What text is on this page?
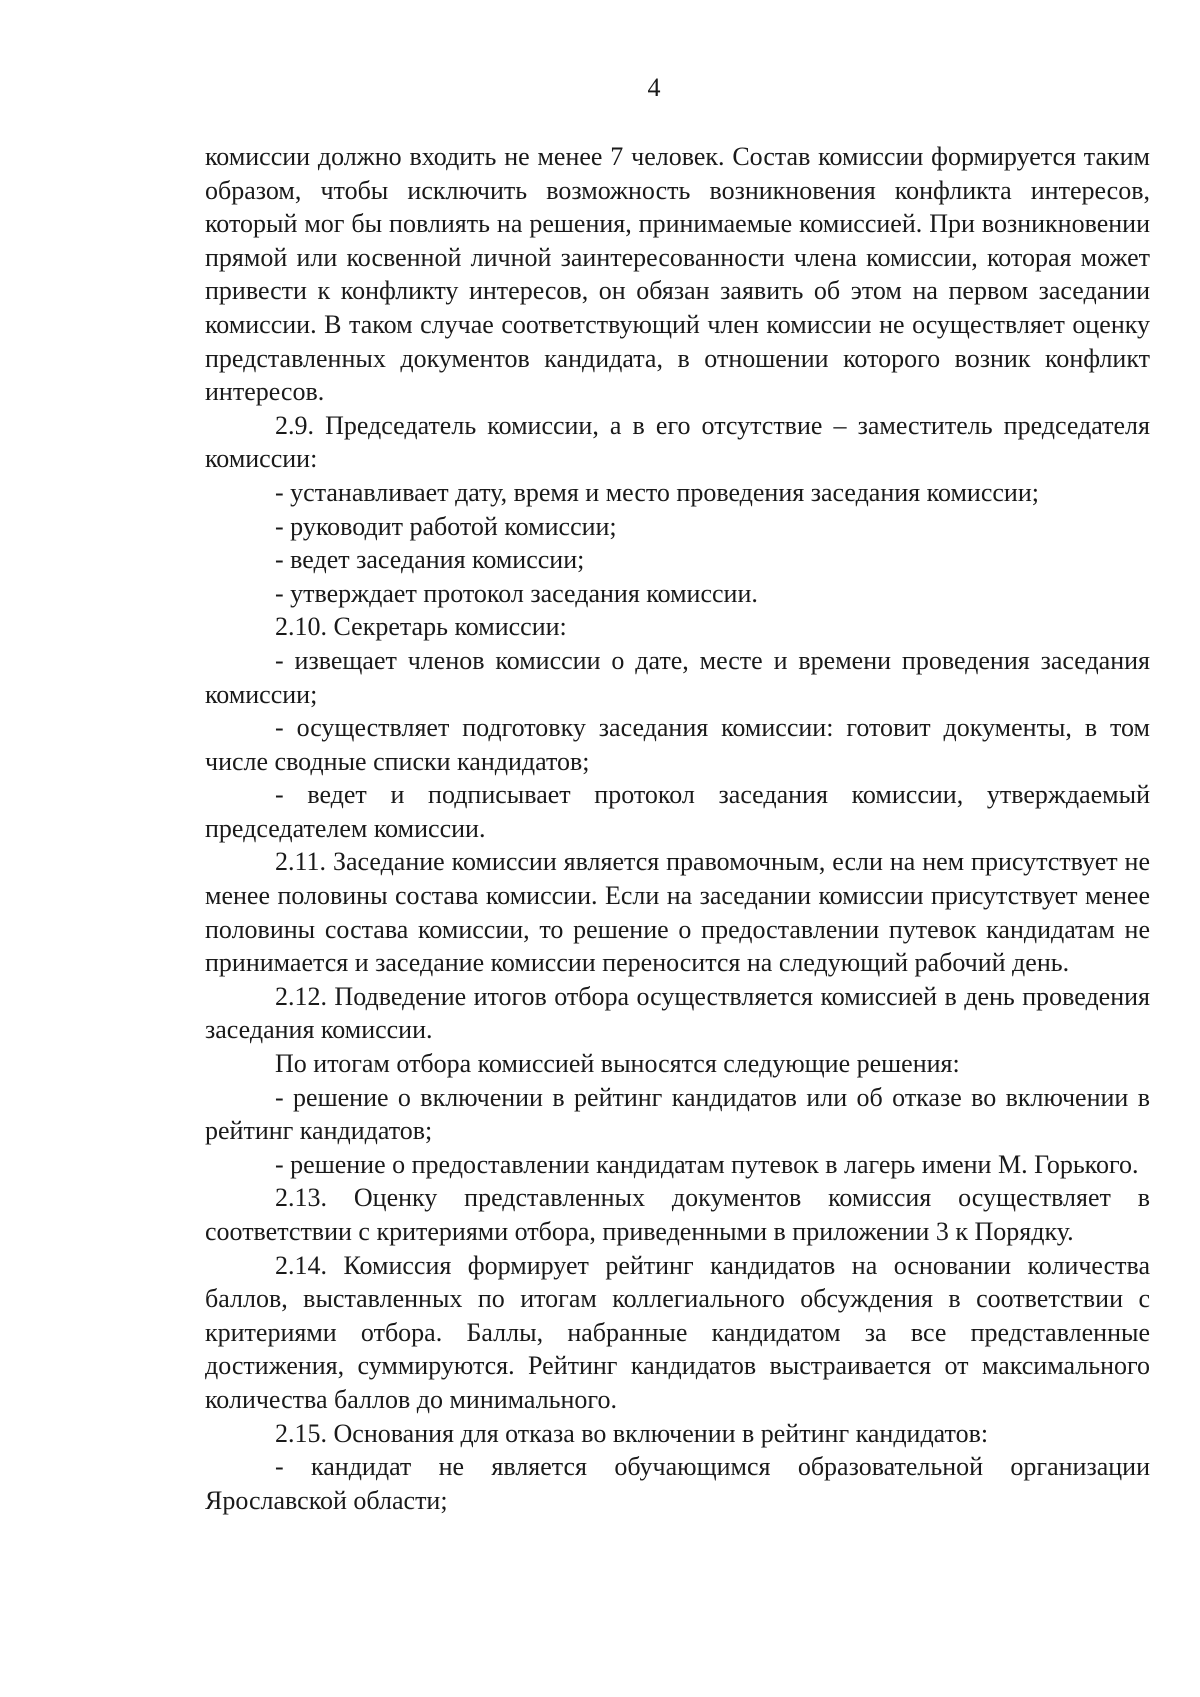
4

комиссии должно входить не менее 7 человек. Состав комиссии формируется таким образом, чтобы исключить возможность возникновения конфликта интересов, который мог бы повлиять на решения, принимаемые комиссией. При возникновении прямой или косвенной личной заинтересованности члена комиссии, которая может привести к конфликту интересов, он обязан заявить об этом на первом заседании комиссии. В таком случае соответствующий член комиссии не осуществляет оценку представленных документов кандидата, в отношении которого возник конфликт интересов.

2.9. Председатель комиссии, а в его отсутствие – заместитель председателя комиссии:

- устанавливает дату, время и место проведения заседания комиссии;

- руководит работой комиссии;

- ведет заседания комиссии;

- утверждает протокол заседания комиссии.

2.10. Секретарь комиссии:

- извещает членов комиссии о дате, месте и времени проведения заседания комиссии;

- осуществляет подготовку заседания комиссии: готовит документы, в том числе сводные списки кандидатов;

- ведет и подписывает протокол заседания комиссии, утверждаемый председателем комиссии.

2.11. Заседание комиссии является правомочным, если на нем присутствует не менее половины состава комиссии. Если на заседании комиссии присутствует менее половины состава комиссии, то решение о предоставлении путевок кандидатам не принимается и заседание комиссии переносится на следующий рабочий день.

2.12. Подведение итогов отбора осуществляется комиссией в день проведения заседания комиссии.

По итогам отбора комиссией выносятся следующие решения:

- решение о включении в рейтинг кандидатов или об отказе во включении в рейтинг кандидатов;

- решение о предоставлении кандидатам путевок в лагерь имени М. Горького.

2.13. Оценку представленных документов комиссия осуществляет в соответствии с критериями отбора, приведенными в приложении 3 к Порядку.

2.14. Комиссия формирует рейтинг кандидатов на основании количества баллов, выставленных по итогам коллегиального обсуждения в соответствии с критериями отбора. Баллы, набранные кандидатом за все представленные достижения, суммируются. Рейтинг кандидатов выстраивается от максимального количества баллов до минимального.

2.15. Основания для отказа во включении в рейтинг кандидатов:

- кандидат не является обучающимся образовательной организации Ярославской области;
